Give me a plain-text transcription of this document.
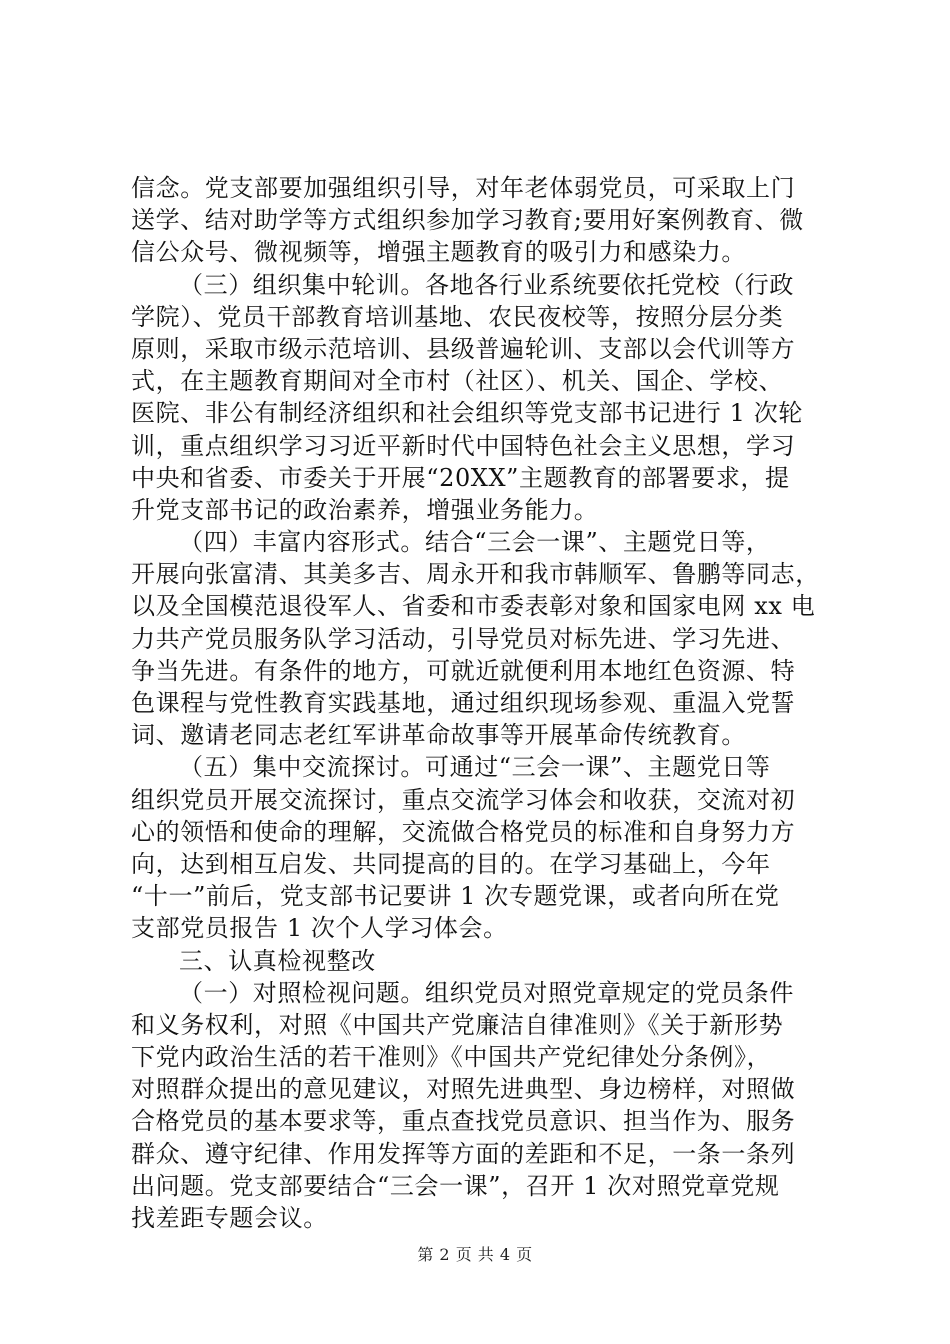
信念。党支部要加强组织引导，对年老体弱党员，可采取上门
送学、结对助学等方式组织参加学习教育;要用好案例教育、微
信公众号、微视频等，增强主题教育的吸引力和感染力。
（三）组织集中轮训。各地各行业系统要依托党校（行政
学院）、党员干部教育培训基地、农民夜校等，按照分层分类
原则，采取市级示范培训、县级普遍轮训、支部以会代训等方
式，在主题教育期间对全市村（社区）、机关、国企、学校、
医院、非公有制经济组织和社会组织等党支部书记进行 1 次轮
训，重点组织学习习近平新时代中国特色社会主义思想，学习
中央和省委、市委关于开展“20XX”主题教育的部署要求，提
升党支部书记的政治素养，增强业务能力。
（四）丰富内容形式。结合“三会一课”、主题党日等，
开展向张富清、其美多吉、周永开和我市韩顺军、鲁鹏等同志，
以及全国模范退役军人、省委和市委表彰对象和国家电网 xx 电
力共产党员服务队学习活动，引导党员对标先进、学习先进、
争当先进。有条件的地方，可就近就便利用本地红色资源、特
色课程与党性教育实践基地，通过组织现场参观、重温入党誓
词、邀请老同志老红军讲革命故事等开展革命传统教育。
（五）集中交流探讨。可通过“三会一课”、主题党日等
组织党员开展交流探讨，重点交流学习体会和收获，交流对初
心的领悟和使命的理解，交流做合格党员的标准和自身努力方
向，达到相互启发、共同提高的目的。在学习基础上，今年
“十一”前后，党支部书记要讲 1 次专题党课，或者向所在党
支部党员报告 1 次个人学习体会。
三、认真检视整改
（一）对照检视问题。组织党员对照党章规定的党员条件
和义务权利，对照《中国共产党廉洁自律准则》《关于新形势
下党内政治生活的若干准则》《中国共产党纪律处分条例》，
对照群众提出的意见建议，对照先进典型、身边榜样，对照做
合格党员的基本要求等，重点查找党员意识、担当作为、服务
群众、遵守纪律、作用发挥等方面的差距和不足，一条一条列
出问题。党支部要结合“三会一课”，召开 1 次对照党章党规
找差距专题会议。
第 2 页 共 4 页
